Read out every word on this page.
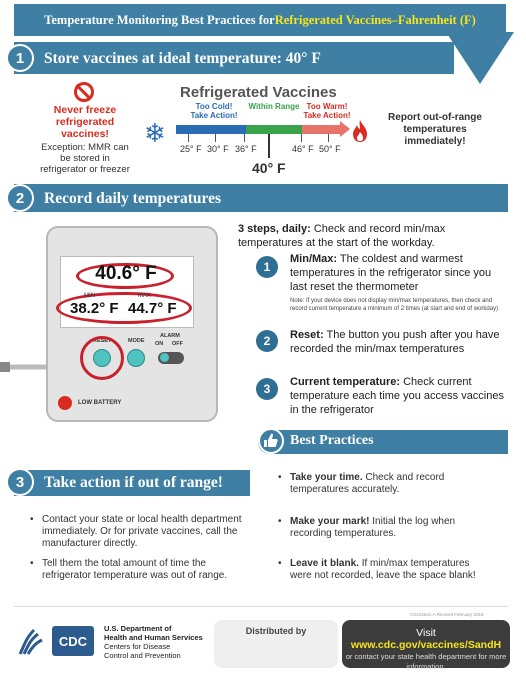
Temperature Monitoring Best Practices for Refrigerated Vaccines–Fahrenheit (F)
1	Store vaccines at ideal temperature: 40° F
Never freeze refrigerated vaccines!
Exception: MMR can be stored in refrigerator or freezer
❄
Refrigerated Vaccines
Too Cold! Take Action!
Within Range Too Warm! Take Action!
25° F 30° F 36° F	46° F 50° F
40° F
Report out-of-range temperatures immediately!
2	Record daily temperatures
40.6° F
MIN	MAX
38.2° F 44.7° F
RESET	MODE
ALARM
ON OFF
LOW BATTERY
3 steps, daily: Check and record min/max temperatures at the start of the workday.
1
Min/Max: The coldest and warmest temperatures in the refrigerator since you last reset the thermometer
Note: If your device does not display min/max temperatures, then check and record current temperature a minimum of 2 times (at start and end of workday)
2	Reset: The button you push after you have recorded the min/max temperatures
3	Current temperature: Check current temperature each time you access vaccines in the refrigerator
Best Practices
• Take your time. Check and record temperatures accurately.
• Make your mark! Initial the log when recording temperatures.
• Leave it blank. If min/max temperatures were not recorded, leave the space blank!
3	Take action if out of range!
• Contact your state or local health department immediately. Or for private vaccines, call the manufacturer directly.
• Tell them the total amount of time the refrigerator temperature was out of range.
CS243541-A Revised February 2018
CDC
U.S. Department of
Health and Human Services
Centers for Disease
Control and Prevention
Distributed by	Visit www.cdc.gov/vaccines/SandH
or contact your state health department for more information.
